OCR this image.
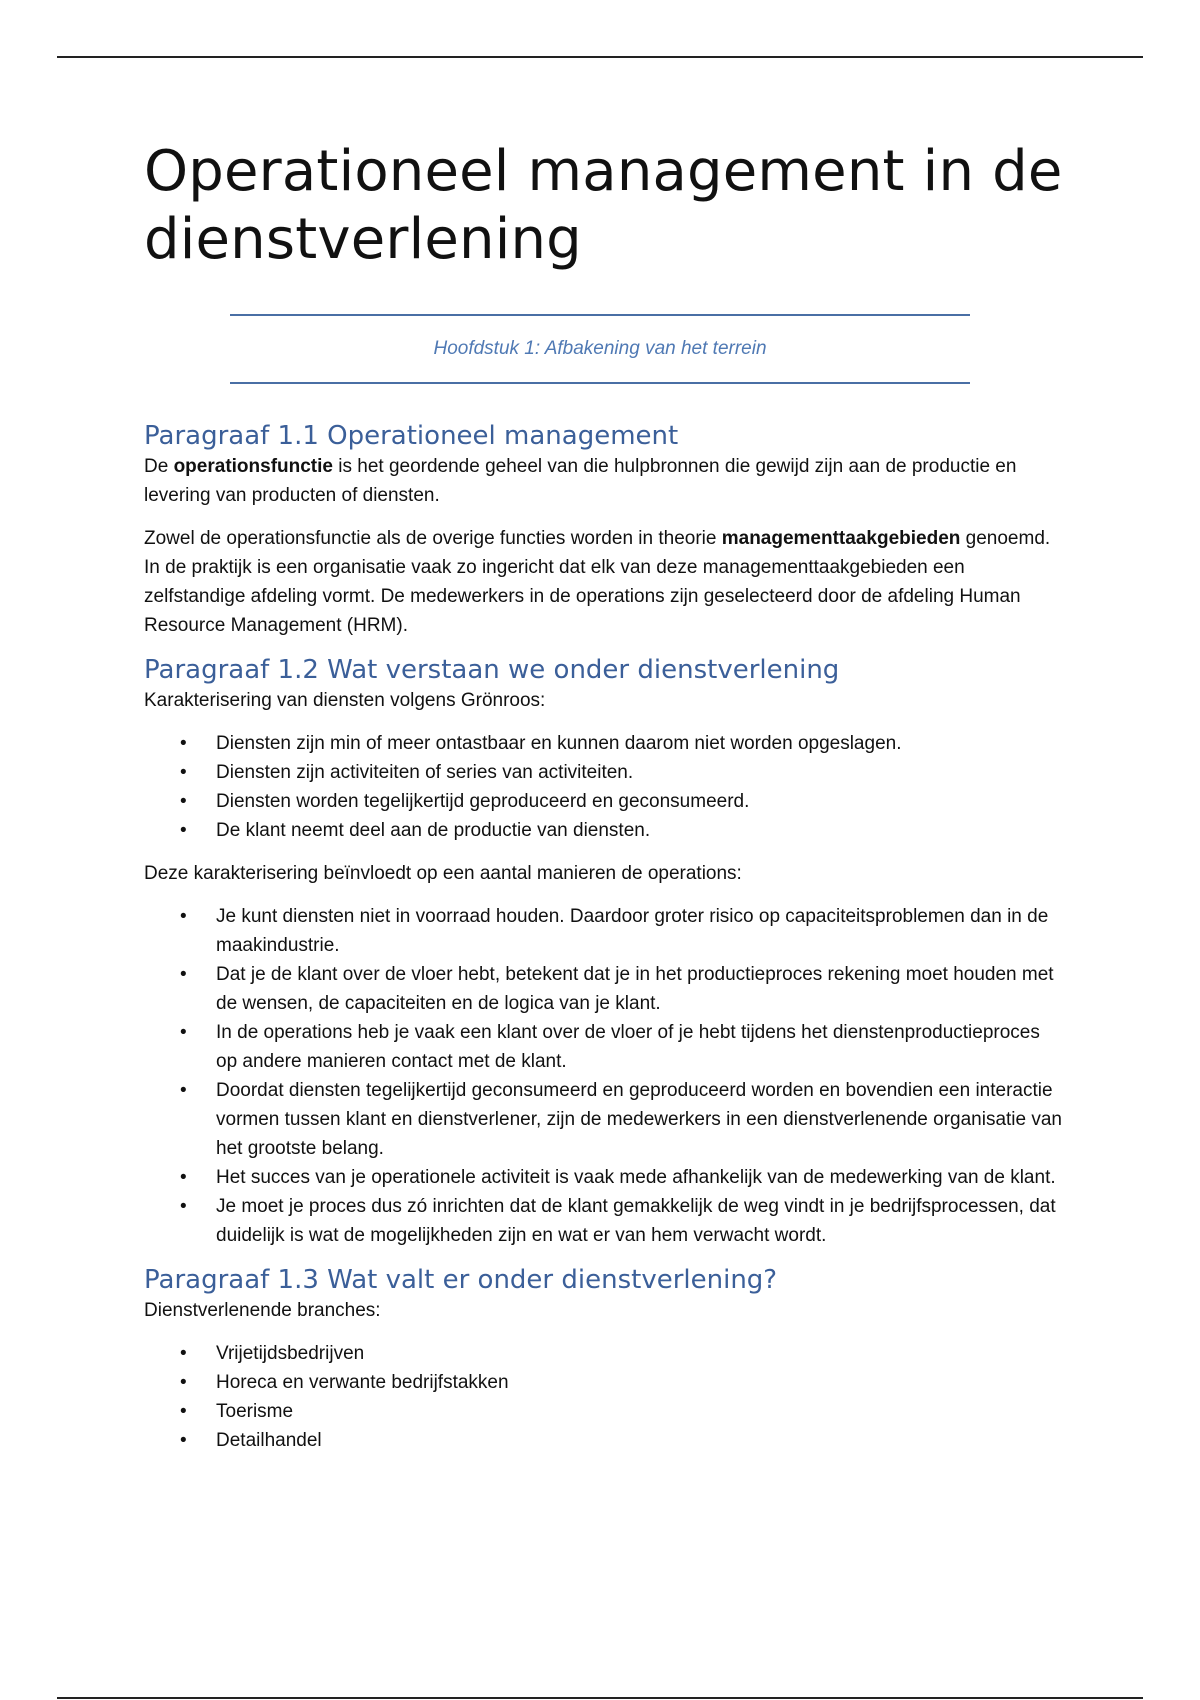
Operationeel management in de dienstverlening
Hoofdstuk 1: Afbakening van het terrein
Paragraaf 1.1 Operationeel management

De operationsfunctie is het geordende geheel van die hulpbronnen die gewijd zijn aan de productie en levering van producten of diensten.

Zowel de operationsfunctie als de overige functies worden in theorie managementtaakgebieden genoemd. In de praktijk is een organisatie vaak zo ingericht dat elk van deze managementtaakgebieden een zelfstandige afdeling vormt. De medewerkers in de operations zijn geselecteerd door de afdeling Human Resource Management (HRM).

Paragraaf 1.2 Wat verstaan we onder dienstverlening

Karakterisering van diensten volgens Grönroos:

• Diensten zijn min of meer ontastbaar en kunnen daarom niet worden opgeslagen.
• Diensten zijn activiteiten of series van activiteiten.
• Diensten worden tegelijkertijd geproduceerd en geconsumeerd.
• De klant neemt deel aan de productie van diensten.

Deze karakterisering beïnvloedt op een aantal manieren de operations:

• Je kunt diensten niet in voorraad houden. Daardoor groter risico op capaciteitsproblemen dan in de maakindustrie.
• Dat je de klant over de vloer hebt, betekent dat je in het productieproces rekening moet houden met de wensen, de capaciteiten en de logica van je klant.
• In de operations heb je vaak een klant over de vloer of je hebt tijdens het dienstenproductieproces op andere manieren contact met de klant.
• Doordat diensten tegelijkertijd geconsumeerd en geproduceerd worden en bovendien een interactie vormen tussen klant en dienstverlener, zijn de medewerkers in een dienstverlenende organisatie van het grootste belang.
• Het succes van je operationele activiteit is vaak mede afhankelijk van de medewerking van de klant.
• Je moet je proces dus zó inrichten dat de klant gemakkelijk de weg vindt in je bedrijfsprocessen, dat duidelijk is wat de mogelijkheden zijn en wat er van hem verwacht wordt.
Paragraaf 1.3 Wat valt er onder dienstverlening?

Dienstverlenende branches:

• Vrijetijdsbedrijven
• Horeca en verwante bedrijfstakken
• Toerisme
• Detailhandel
